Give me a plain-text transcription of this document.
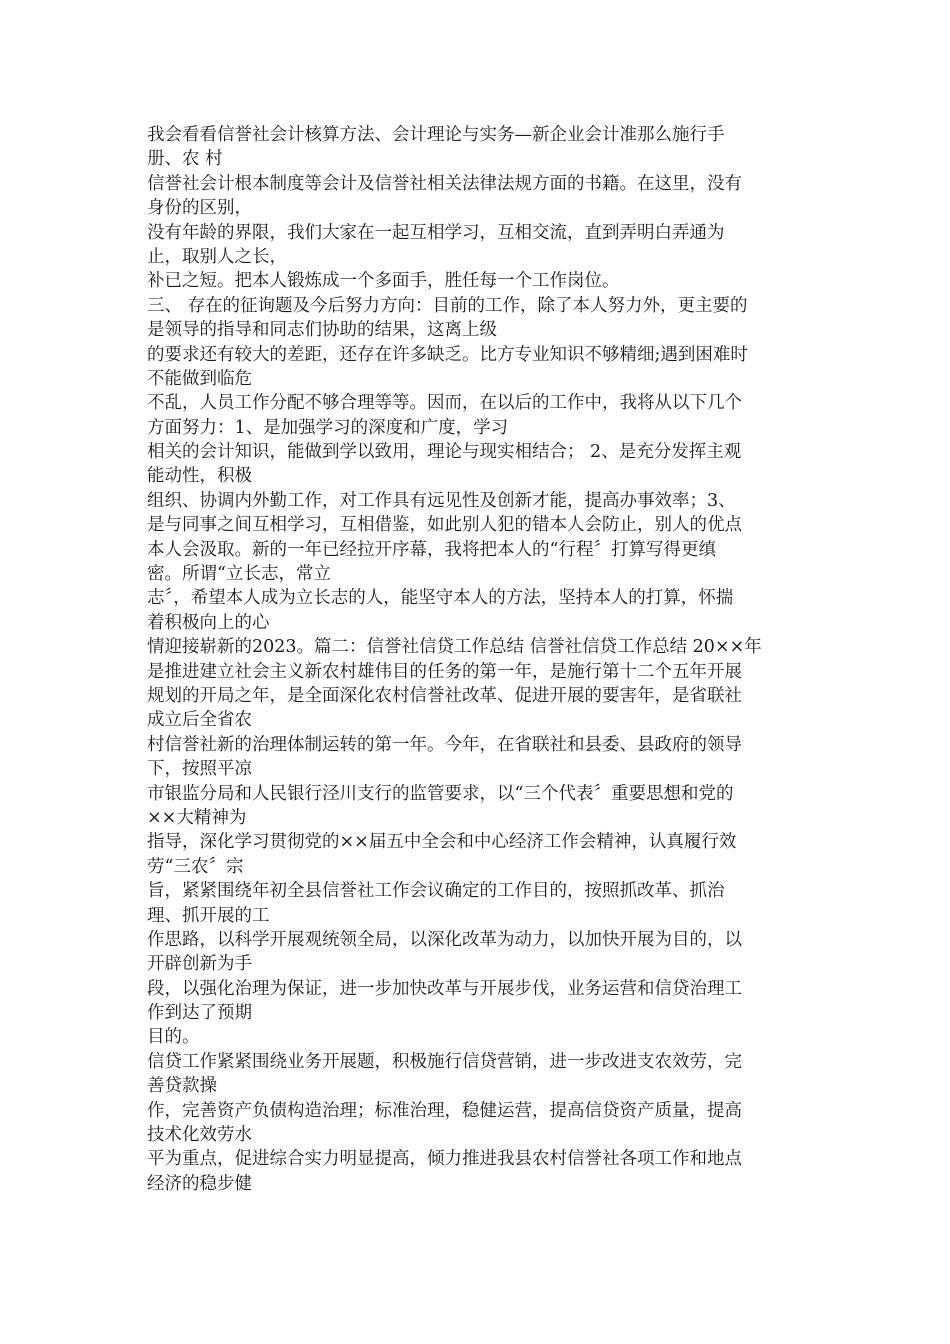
我会看看信誉社会计核算方法、会计理论与实务—新企业会计准那么施行手
册、农 村
信誉社会计根本制度等会计及信誉社相关法律法规方面的书籍。在这里，没有
身份的区别，
没有年龄的界限，我们大家在一起互相学习，互相交流，直到弄明白弄通为
止，取别人之长，
补已之短。把本人锻炼成一个多面手，胜任每一个工作岗位。
三、 存在的征询题及今后努力方向：目前的工作，除了本人努力外，更主要的
是领导的指导和同志们协助的结果，这离上级
的要求还有较大的差距，还存在许多缺乏。比方专业知识不够精细;遇到困难时
不能做到临危
不乱，人员工作分配不够合理等等。因而，在以后的工作中，我将从以下几个
方面努力：1、是加强学习的深度和广度，学习
相关的会计知识，能做到学以致用，理论与现实相结合； 2、是充分发挥主观
能动性，积极
组织、协调内外勤工作，对工作具有远见性及创新才能，提高办事效率；3、
是与同事之间互相学习，互相借鉴，如此别人犯的错本人会防止，别人的优点
本人会汲取。新的一年已经拉开序幕，我将把本人的“行程〞打算写得更缜
密。所谓“立长志，常立
志〞，希望本人成为立长志的人，能坚守本人的方法，坚持本人的打算，怀揣
着积极向上的心
情迎接崭新的2023。篇二：信誉社信贷工作总结 信誉社信贷工作总结 20××年
是推进建立社会主义新农村雄伟目的任务的第一年，是施行第十二个五年开展
规划的开局之年，是全面深化农村信誉社改革、促进开展的要害年，是省联社
成立后全省农
村信誉社新的治理体制运转的第一年。今年，在省联社和县委、县政府的领导
下，按照平凉
市银监分局和人民银行泾川支行的监管要求，以“三个代表〞重要思想和党的
××大精神为
指导，深化学习贯彻党的××届五中全会和中心经济工作会精神，认真履行效
劳“三农〞宗
旨，紧紧围绕年初全县信誉社工作会议确定的工作目的，按照抓改革、抓治
理、抓开展的工
作思路，以科学开展观统领全局，以深化改革为动力，以加快开展为目的，以
开辟创新为手
段，以强化治理为保证，进一步加快改革与开展步伐，业务运营和信贷治理工
作到达了预期
目的。
信贷工作紧紧围绕业务开展题，积极施行信贷营销，进一步改进支农效劳，完
善贷款操
作，完善资产负债构造治理；标准治理，稳健运营，提高信贷资产质量，提高
技术化效劳水
平为重点，促进综合实力明显提高，倾力推进我县农村信誉社各项工作和地点
经济的稳步健
